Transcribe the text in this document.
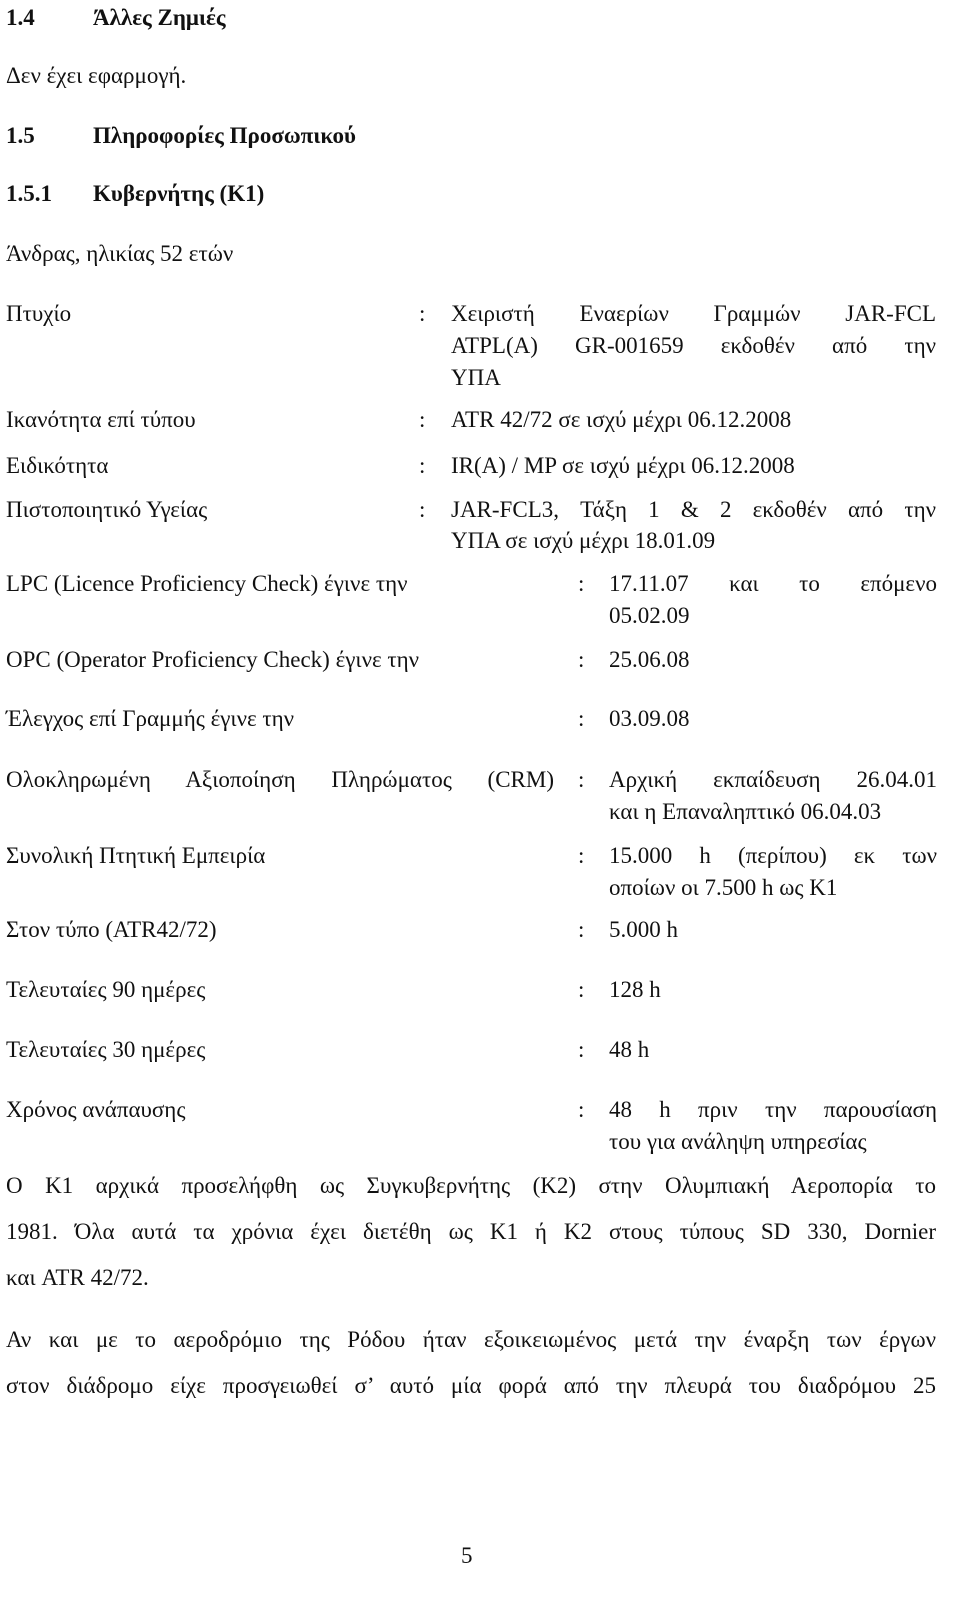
1.4	Άλλες Ζημιές
Δεν έχει εφαρμογή.
1.5	Πληροφορίες Προσωπικού
1.5.1 Κυβερνήτης (Κ1)
Άνδρας, ηλικίας 52 ετών
Πτυχίο	: Χειριστή Εναερίων Γραμμών JAR-FCL
ATPL(A) GR-001659 εκδοθέν από την
ΥΠΑ
Ικανότητα επί τύπου	: ATR 42/72 σε ισχύ μέχρι 06.12.2008
Ειδικότητα	: IR(A) / MP σε ισχύ μέχρι 06.12.2008
Πιστοποιητικό Υγείας	: JAR-FCL3, Τάξη 1 & 2 εκδοθέν από την
ΥΠΑ σε ισχύ μέχρι 18.01.09
LPC (Licence Proficiency Check) έγινε την	: 17.11.07 και το επόμενο
05.02.09
OPC (Operator Proficiency Check) έγινε την	: 25.06.08
Έλεγχος επί Γραμμής έγινε την	: 03.09.08
Ολοκληρωμένη Αξιοποίηση Πληρώματος (CRM) : Αρχική εκπαίδευση 26.04.01
και η Επαναληπτικό 06.04.03
Συνολική Πτητική Εμπειρία	: 15.000 h (περίπου) εκ των
οποίων οι 7.500 h ως Κ1
Στον τύπο (ATR42/72)	: 5.000 h
Τελευταίες 90 ημέρες	: 128 h
Τελευταίες 30 ημέρες	: 48 h
Χρόνος ανάπαυσης	: 48 h πριν την παρουσίαση
του για ανάληψη υπηρεσίας
Ο Κ1 αρχικά προσελήφθη ως Συγκυβερνήτης (Κ2) στην Ολυμπιακή Αεροπορία το
1981. Όλα αυτά τα χρόνια έχει διετέθη ως Κ1 ή Κ2 στους τύπους SD 330, Dornier
και ATR 42/72.
Αν και με το αεροδρόμιο της Ρόδου ήταν εξοικειωμένος μετά την έναρξη των έργων
στον διάδρομο είχε προσγειωθεί σ’ αυτό μία φορά από την πλευρά του διαδρόμου 25
5
